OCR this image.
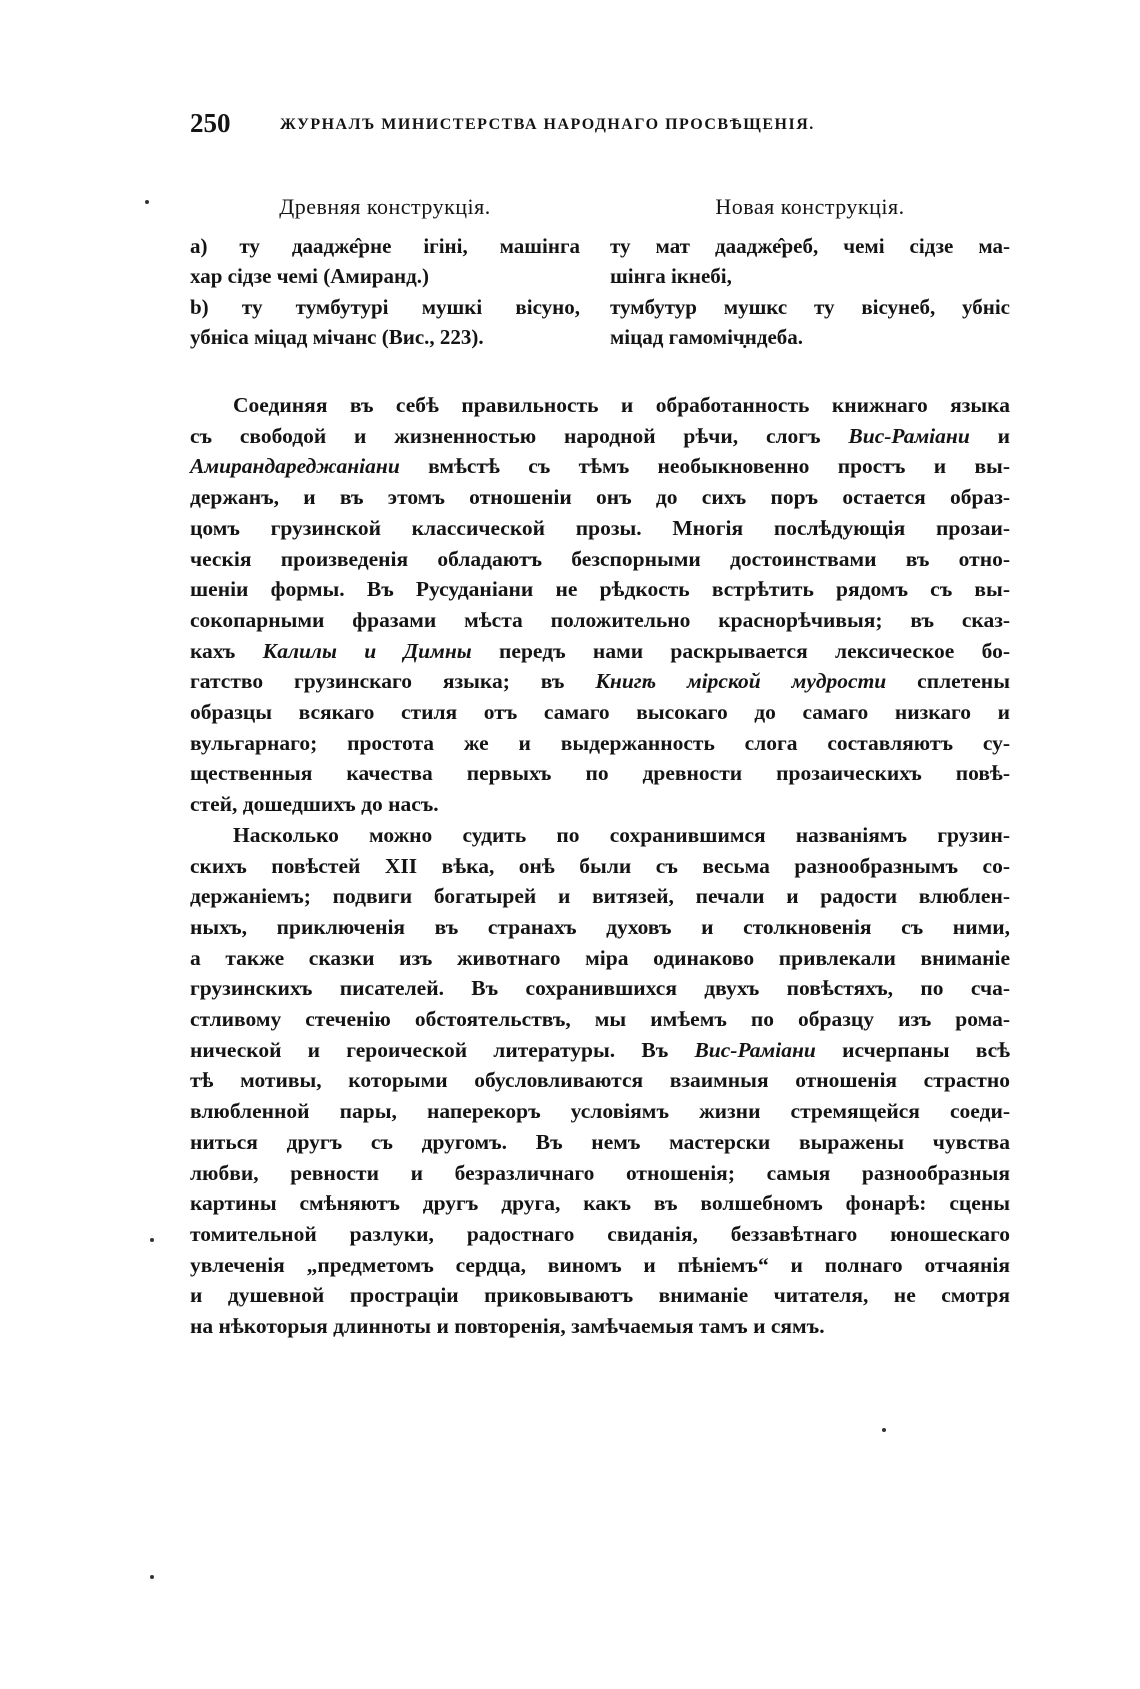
250	ЖУРНАЛЪ МИНИСТЕРСТВА НАРОДНАГО ПРОСВѢЩЕНІЯ.
Древняя конструкція.
a) ту даадже̂рне ігіні, машінга
хар сідзе чемі (Амиранд.)
b) ту тумбутурі мушкі вісуно,
убніса міцад мічанс (Вис., 223).
Новая конструкція.
ту мат даадже̂реб, чемі сідзе ма-
шінга ікнебі,
тумбутур мушкс ту вісунеб, убніс
міцад гамоміч̣ндеба.
Соединяя въ себѣ правильность и обработанность книжнаго языка
съ свободой и жизненностью народной рѣчи, слогъ Вис-Раміани и
Амирандареджаніани вмѣстѣ съ тѣмъ необыкновенно простъ и вы-
держанъ, и въ этомъ отношеніи онъ до сихъ поръ остается образ-
цомъ грузинской классической прозы. Многія послѣдующія прозаи-
ческія произведенія обладаютъ безспорными достоинствами въ отно-
шеніи формы. Въ Русуданіани не рѣдкость встрѣтить рядомъ съ вы-
сокопарными фразами мѣста положительно краснорѣчивыя; въ сказ-
кахъ Калилы и Димны передъ нами раскрывается лексическое бо-
гатство грузинскаго языка; въ Книгѣ мірской мудрости сплетены
образцы всякаго стиля отъ самаго высокаго до самаго низкаго и
вульгарнаго; простота же и выдержанность слога составляютъ су-
щественныя качества первыхъ по древности прозаическихъ повѣ-
стей, дошедшихъ до насъ.
Насколько можно судить по сохранившимся названіямъ грузин-
скихъ повѣстей XII вѣка, онѣ были съ весьма разнообразнымъ со-
держаніемъ; подвиги богатырей и витязей, печали и радости влюблен-
ныхъ, приключенія въ странахъ духовъ и столкновенія съ ними,
а также сказки изъ животнаго міра одинаково привлекали вниманіе
грузинскихъ писателей. Въ сохранившихся двухъ повѣстяхъ, по сча-
стливому стеченію обстоятельствъ, мы имѣемъ по образцу изъ рома-
нической и героической литературы. Въ Вис-Раміани исчерпаны всѣ
тѣ мотивы, которыми обусловливаются взаимныя отношенія страстно
влюбленной пары, наперекоръ условіямъ жизни стремящейся соеди-
ниться другъ съ другомъ. Въ немъ мастерски выражены чувства
любви, ревности и безразличнаго отношенія; самыя разнообразныя
картины смѣняютъ другъ друга, какъ въ волшебномъ фонарѣ: сцены
томительной разлуки, радостнаго свиданія, беззавѣтнаго юношескаго
увлеченія „предметомъ сердца, виномъ и пѣніемъ“ и полнаго отчаянія
и душевной прострацiи приковываютъ вниманіе читателя, не смотря
на нѣкоторыя длинноты и повторенія, замѣчаемыя тамъ и сямъ.
